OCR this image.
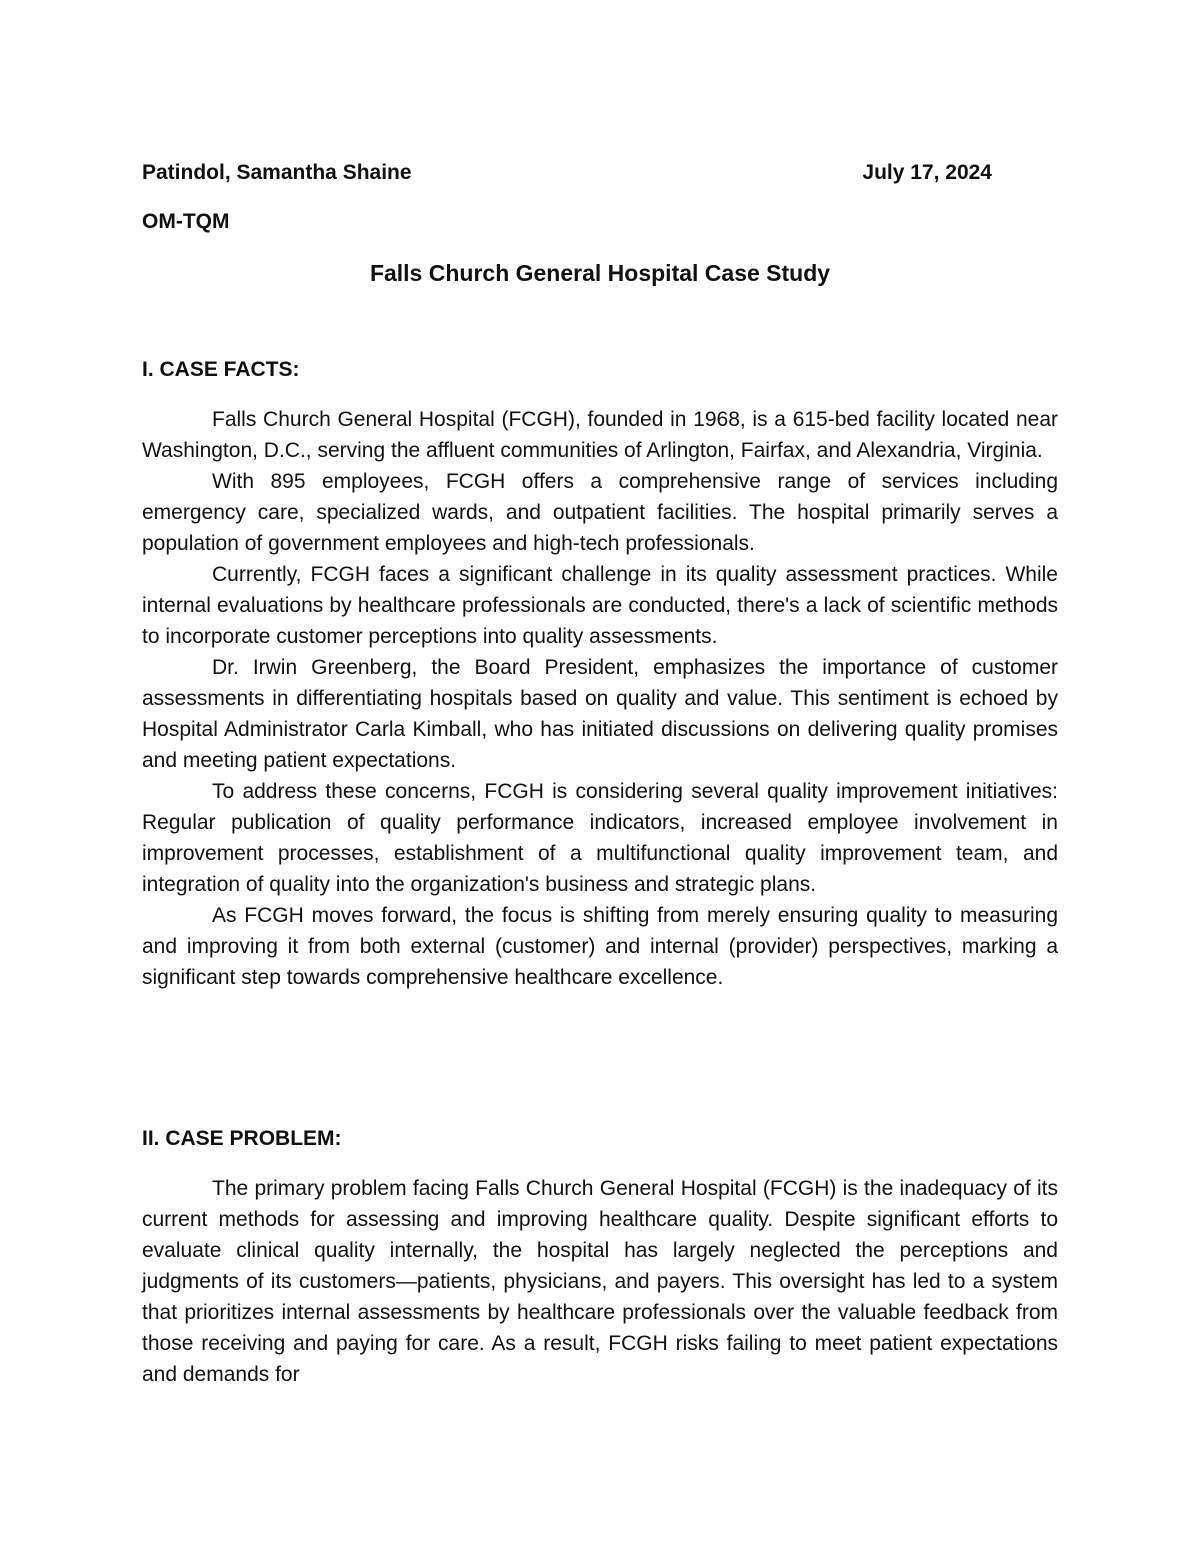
Patindol, Samantha Shaine	July 17, 2024
OM-TQM
Falls Church General Hospital Case Study
I. CASE FACTS:

Falls Church General Hospital (FCGH), founded in 1968, is a 615-bed facility located near Washington, D.C., serving the affluent communities of Arlington, Fairfax, and Alexandria, Virginia.

With 895 employees, FCGH offers a comprehensive range of services including emergency care, specialized wards, and outpatient facilities. The hospital primarily serves a population of government employees and high-tech professionals.

Currently, FCGH faces a significant challenge in its quality assessment practices. While internal evaluations by healthcare professionals are conducted, there's a lack of scientific methods to incorporate customer perceptions into quality assessments.

Dr. Irwin Greenberg, the Board President, emphasizes the importance of customer assessments in differentiating hospitals based on quality and value. This sentiment is echoed by Hospital Administrator Carla Kimball, who has initiated discussions on delivering quality promises and meeting patient expectations.

To address these concerns, FCGH is considering several quality improvement initiatives: Regular publication of quality performance indicators, increased employee involvement in improvement processes, establishment of a multifunctional quality improvement team, and integration of quality into the organization's business and strategic plans.

As FCGH moves forward, the focus is shifting from merely ensuring quality to measuring and improving it from both external (customer) and internal (provider) perspectives, marking a significant step towards comprehensive healthcare excellence.

II. CASE PROBLEM:

The primary problem facing Falls Church General Hospital (FCGH) is the inadequacy of its current methods for assessing and improving healthcare quality. Despite significant efforts to evaluate clinical quality internally, the hospital has largely neglected the perceptions and judgments of its customers—patients, physicians, and payers. This oversight has led to a system that prioritizes internal assessments by healthcare professionals over the valuable feedback from those receiving and paying for care. As a result, FCGH risks failing to meet patient expectations and demands for
